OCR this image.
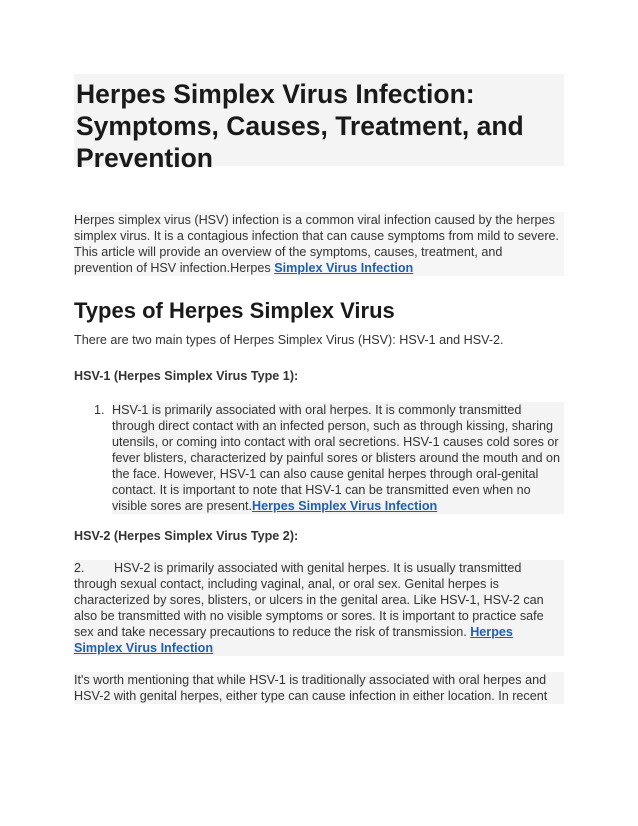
Herpes Simplex Virus Infection: Symptoms, Causes, Treatment, and Prevention
Herpes simplex virus (HSV) infection is a common viral infection caused by the herpes simplex virus. It is a contagious infection that can cause symptoms from mild to severe. This article will provide an overview of the symptoms, causes, treatment, and prevention of HSV infection.Herpes Simplex Virus Infection
Types of Herpes Simplex Virus
There are two main types of Herpes Simplex Virus (HSV): HSV-1 and HSV-2.
HSV-1 (Herpes Simplex Virus Type 1):
1. HSV-1 is primarily associated with oral herpes. It is commonly transmitted through direct contact with an infected person, such as through kissing, sharing utensils, or coming into contact with oral secretions. HSV-1 causes cold sores or fever blisters, characterized by painful sores or blisters around the mouth and on the face. However, HSV-1 can also cause genital herpes through oral-genital contact. It is important to note that HSV-1 can be transmitted even when no visible sores are present.Herpes Simplex Virus Infection
HSV-2 (Herpes Simplex Virus Type 2):
2. HSV-2 is primarily associated with genital herpes. It is usually transmitted through sexual contact, including vaginal, anal, or oral sex. Genital herpes is characterized by sores, blisters, or ulcers in the genital area. Like HSV-1, HSV-2 can also be transmitted with no visible symptoms or sores. It is important to practice safe sex and take necessary precautions to reduce the risk of transmission. Herpes Simplex Virus Infection
It's worth mentioning that while HSV-1 is traditionally associated with oral herpes and HSV-2 with genital herpes, either type can cause infection in either location. In recent
